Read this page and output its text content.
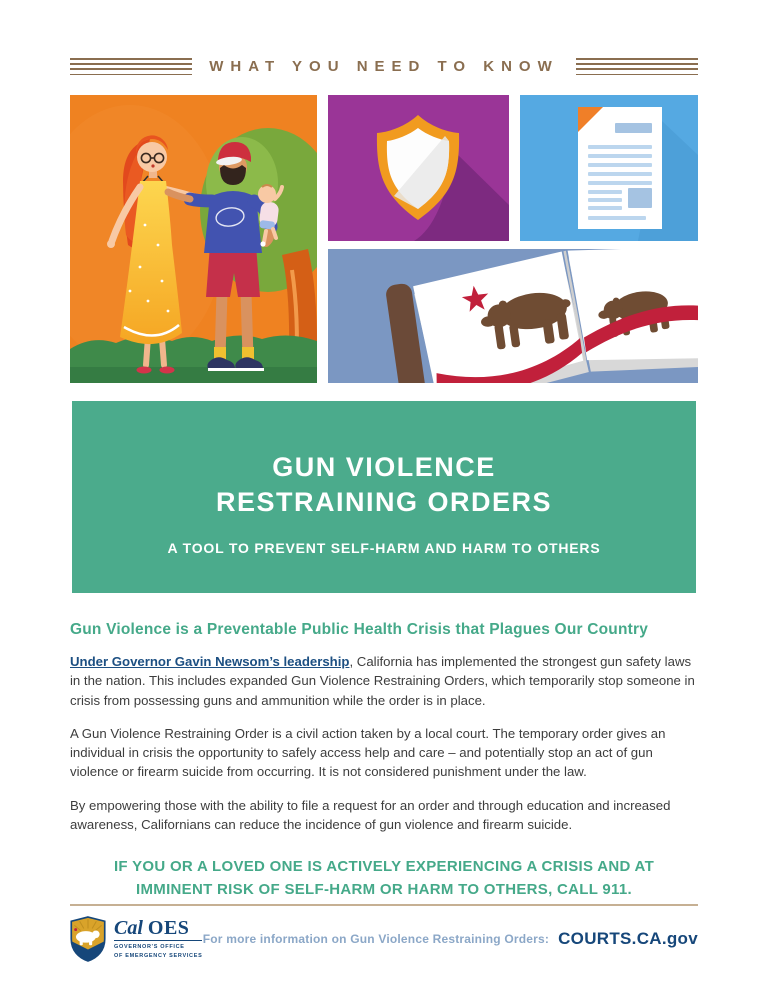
WHAT YOU NEED TO KNOW
GUN VIOLENCE
RESTRAINING ORDERS
A TOOL TO PREVENT SELF-HARM AND HARM TO OTHERS
Gun Violence is a Preventable Public Health Crisis that Plagues Our Country

Under Governor Gavin Newsom’s leadership, California has implemented the strongest gun safety laws in the nation. This includes expanded Gun Violence Restraining Orders, which temporarily stop someone in crisis from possessing guns and ammunition while the order is in place.

A Gun Violence Restraining Order is a civil action taken by a local court. The temporary order gives an individual in crisis the opportunity to safely access help and care – and potentially stop an act of gun violence or firearm suicide from occurring. It is not considered punishment under the law.

By empowering those with the ability to file a request for an order and through education and increased awareness, Californians can reduce the incidence of gun violence and firearm suicide.

IF YOU OR A LOVED ONE IS ACTIVELY EXPERIENCING A CRISIS AND AT IMMINENT RISK OF SELF-HARM OR HARM TO OTHERS, CALL 911.
Cal OES
GOVERNOR'S OFFICE
OF EMERGENCY SERVICES
For more information on Gun Violence Restraining Orders: COURTS.CA.gov
